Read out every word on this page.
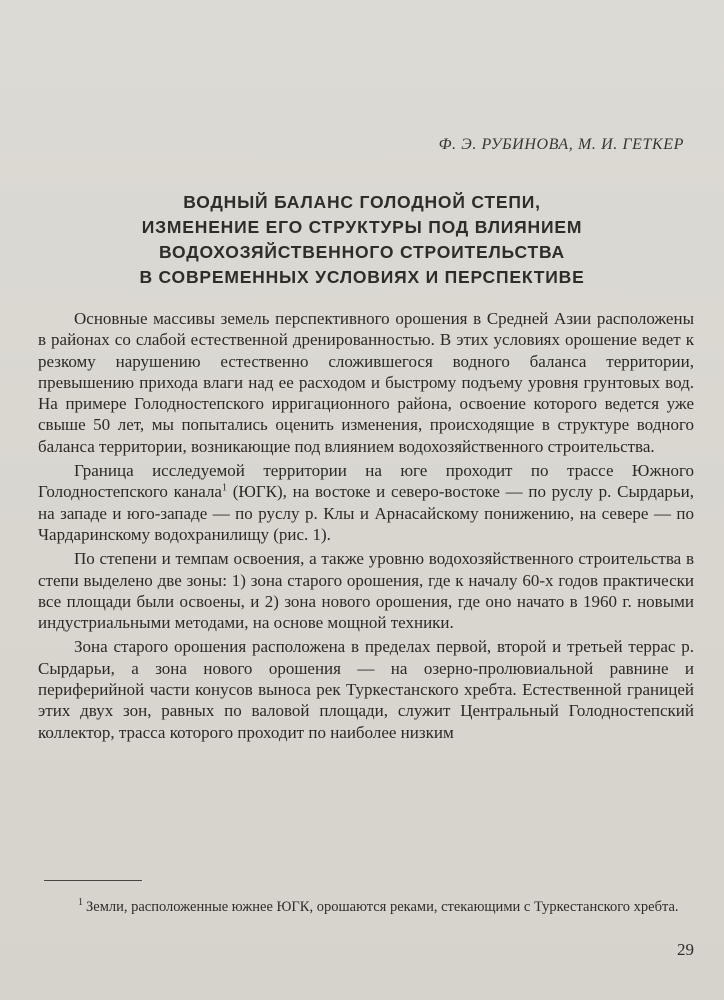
Ф. Э. РУБИНОВА, М. И. ГЕТКЕР
ВОДНЫЙ БАЛАНС ГОЛОДНОЙ СТЕПИ,
ИЗМЕНЕНИЕ ЕГО СТРУКТУРЫ ПОД ВЛИЯНИЕМ
ВОДОХОЗЯЙСТВЕННОГО СТРОИТЕЛЬСТВА
В СОВРЕМЕННЫХ УСЛОВИЯХ И ПЕРСПЕКТИВЕ

Основные массивы земель перспективного орошения в Средней Азии расположены в районах со слабой естественной дренированностью. В этих условиях орошение ведет к резкому нарушению естественно сложившегося водного баланса территории, превышению прихода влаги над ее расходом и быстрому подъему уровня грунтовых вод. На примере Голодностепского ирригационного района, освоение которого ведется уже свыше 50 лет, мы попытались оценить изменения, происходящие в структуре водного баланса территории, возникающие под влиянием водохозяйственного строительства.

Граница исследуемой территории на юге проходит по трассе Южного Голодностепского канала$^1$ (ЮГК), на востоке и северо-востоке — по руслу р. Сырдарьи, на западе и юго-западе — по руслу р. Клы и Арнасайскому понижению, на севере — по Чардаринскому водохранилищу (рис. 1).

По степени и темпам освоения, а также уровню водохозяйственного строительства в степи выделено две зоны: 1) зона старого орошения, где к началу 60-х годов практически все площади были освоены, и 2) зона нового орошения, где оно начато в 1960 г. новыми индустриальными методами, на основе мощной техники.

Зона старого орошения расположена в пределах первой, второй и третьей террас р. Сырдарьи, а зона нового орошения — на озерно-пролювиальной равнине и периферийной части конусов выноса рек Туркестанского хребта. Естественной границей этих двух зон, равных по валовой площади, служит Центральный Голодностепский коллектор, трасса которого проходит по наиболее низким

$^1$ Земли, расположенные южнее ЮГК, орошаются реками, стекающими с Туркестанского хребта.
29
